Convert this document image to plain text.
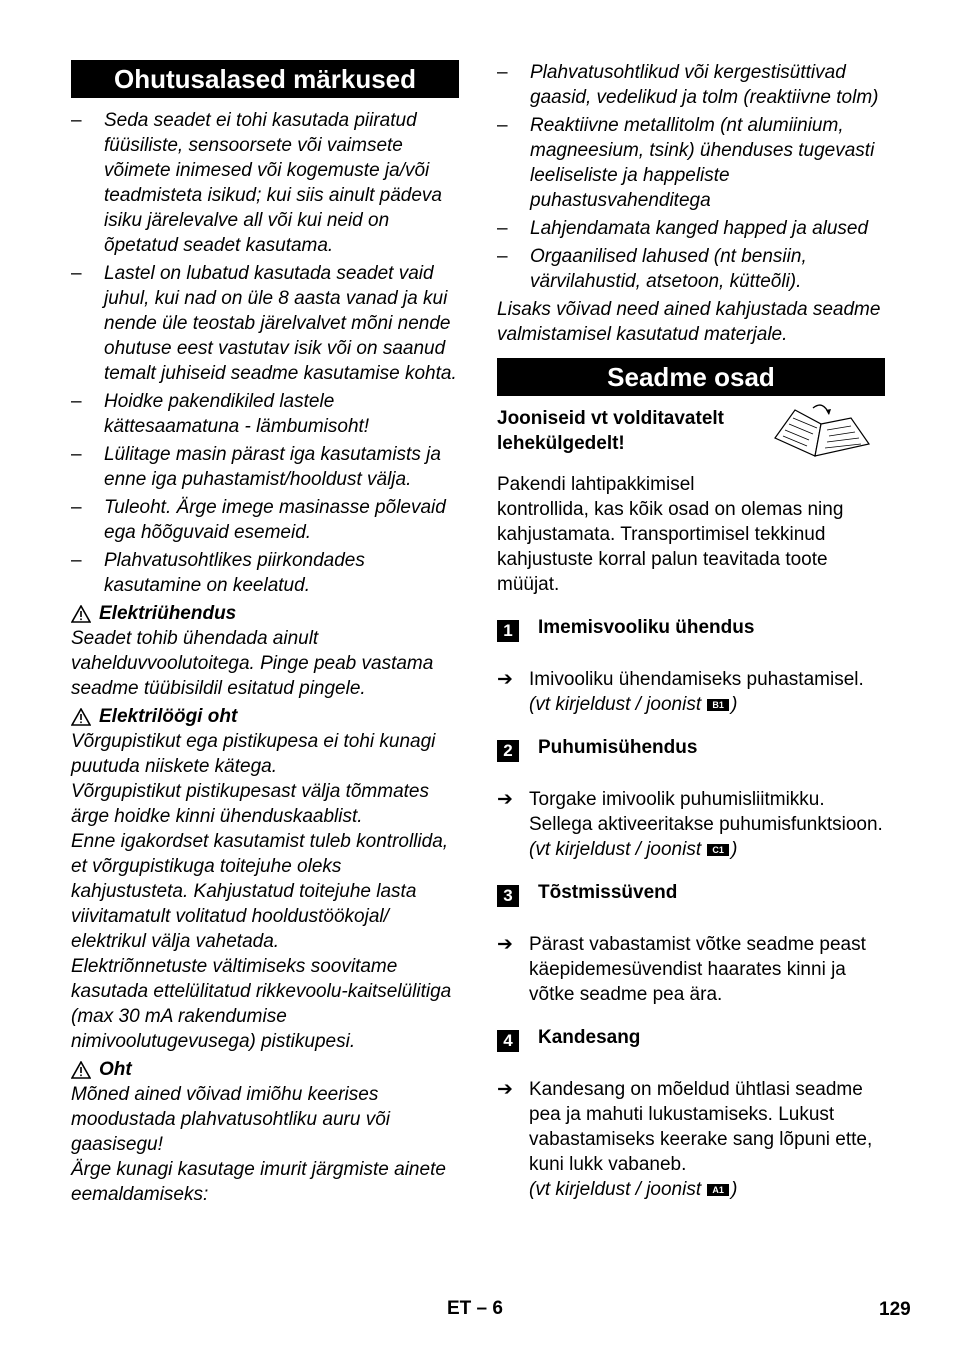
Ohutusalased märkused
– Seda seadet ei tohi kasutada piiratud füüsiliste, sensoorsete või vaimsete võimete inimesed või kogemuste ja/või teadmisteta isikud; kui siis ainult pädeva isiku järelevalve all või kui neid on õpetatud seadet kasutama.
– Lastel on lubatud kasutada seadet vaid juhul, kui nad on üle 8 aasta vanad ja kui nende üle teostab järelvalvet mõni nende ohutuse eest vastutav isik või on saanud temalt juhiseid seadme kasutamise kohta.
– Hoidke pakendikiled lastele kättesaamatuna - lämbumisoht!
– Lülitage masin pärast iga kasutamists ja enne iga puhastamist/hooldust välja.
– Tuleoht. Ärge imege masinasse põlevaid ega hõõguvaid esemeid.
– Plahvatusohtlikes piirkondades kasutamine on keelatud.
Elektriühendus

Seadet tohib ühendada ainult vahelduvvoolutoitega. Pinge peab vastama seadme tüübisildil esitatud pingele.

Elektrilöögi oht

Võrgupistikut ega pistikupesa ei tohi kunagi puutuda niiskete kätega.

Võrgupistikut pistikupesast välja tõmmates ärge hoidke kinni ühenduskaablist.

Enne igakordset kasutamist tuleb kontrollida, et võrgupistikuga toitejuhe oleks kahjustusteta. Kahjustatud toitejuhe lasta viivitamatult volitatud hooldustöökojal/ elektrikul välja vahetada.

Elektriõnnetuste vältimiseks soovitame kasutada ettelülitatud rikkevoolu-kaitselülitiga (max 30 mA rakendumise nimivoolutugevusega) pistikupesi.

Oht

Mõned ained võivad imiõhu keerises moodustada plahvatusohtliku auru või gaasisegu!

Ärge kunagi kasutage imurit järgmiste ainete eemaldamiseks:

– Plahvatusohtlikud või kergestisüttivad gaasid, vedelikud ja tolm (reaktiivne tolm)
– Reaktiivne metallitolm (nt alumiinium, magneesium, tsink) ühenduses tugevasti leeliseliste ja happeliste puhastusvahenditega
– Lahjendamata kanged happed ja alused
– Orgaanilised lahused (nt bensiin, värvilahustid, atsetoon, kütteõli).

Lisaks võivad need ained kahjustada seadme valmistamisel kasutatud materjale.

Seadme osad
Jooniseid vt volditavatelt lehekülgedelt!
Pakendi lahtipakkimisel
kontrollida, kas kõik osad on olemas ning kahjustamata. Transportimisel tekkinud kahjustuste korral palun teavitada toote müüjat.
1	Imemisvooliku ühendus
➔ Imivooliku ühendamiseks puhastamisel.
(vt kirjeldust / joonist	B1 )
2	Puhumisühendus
➔ Torgake imivoolik puhumisliitmikku. Sellega aktiveeritakse puhumisfunktsioon.
(vt kirjeldust / joonist	C1 )
3	Tõstmissüvend
➔ Pärast vabastamist võtke seadme peast käepidemesüvendist haarates kinni ja võtke seadme pea ära.
4	Kandesang
➔ Kandesang on mõeldud ühtlasi seadme pea ja mahuti lukustamiseks. Lukust vabastamiseks keerake sang lõpuni ette, kuni lukk vabaneb.
(vt kirjeldust / joonist	A1 )
ET – 6	129
